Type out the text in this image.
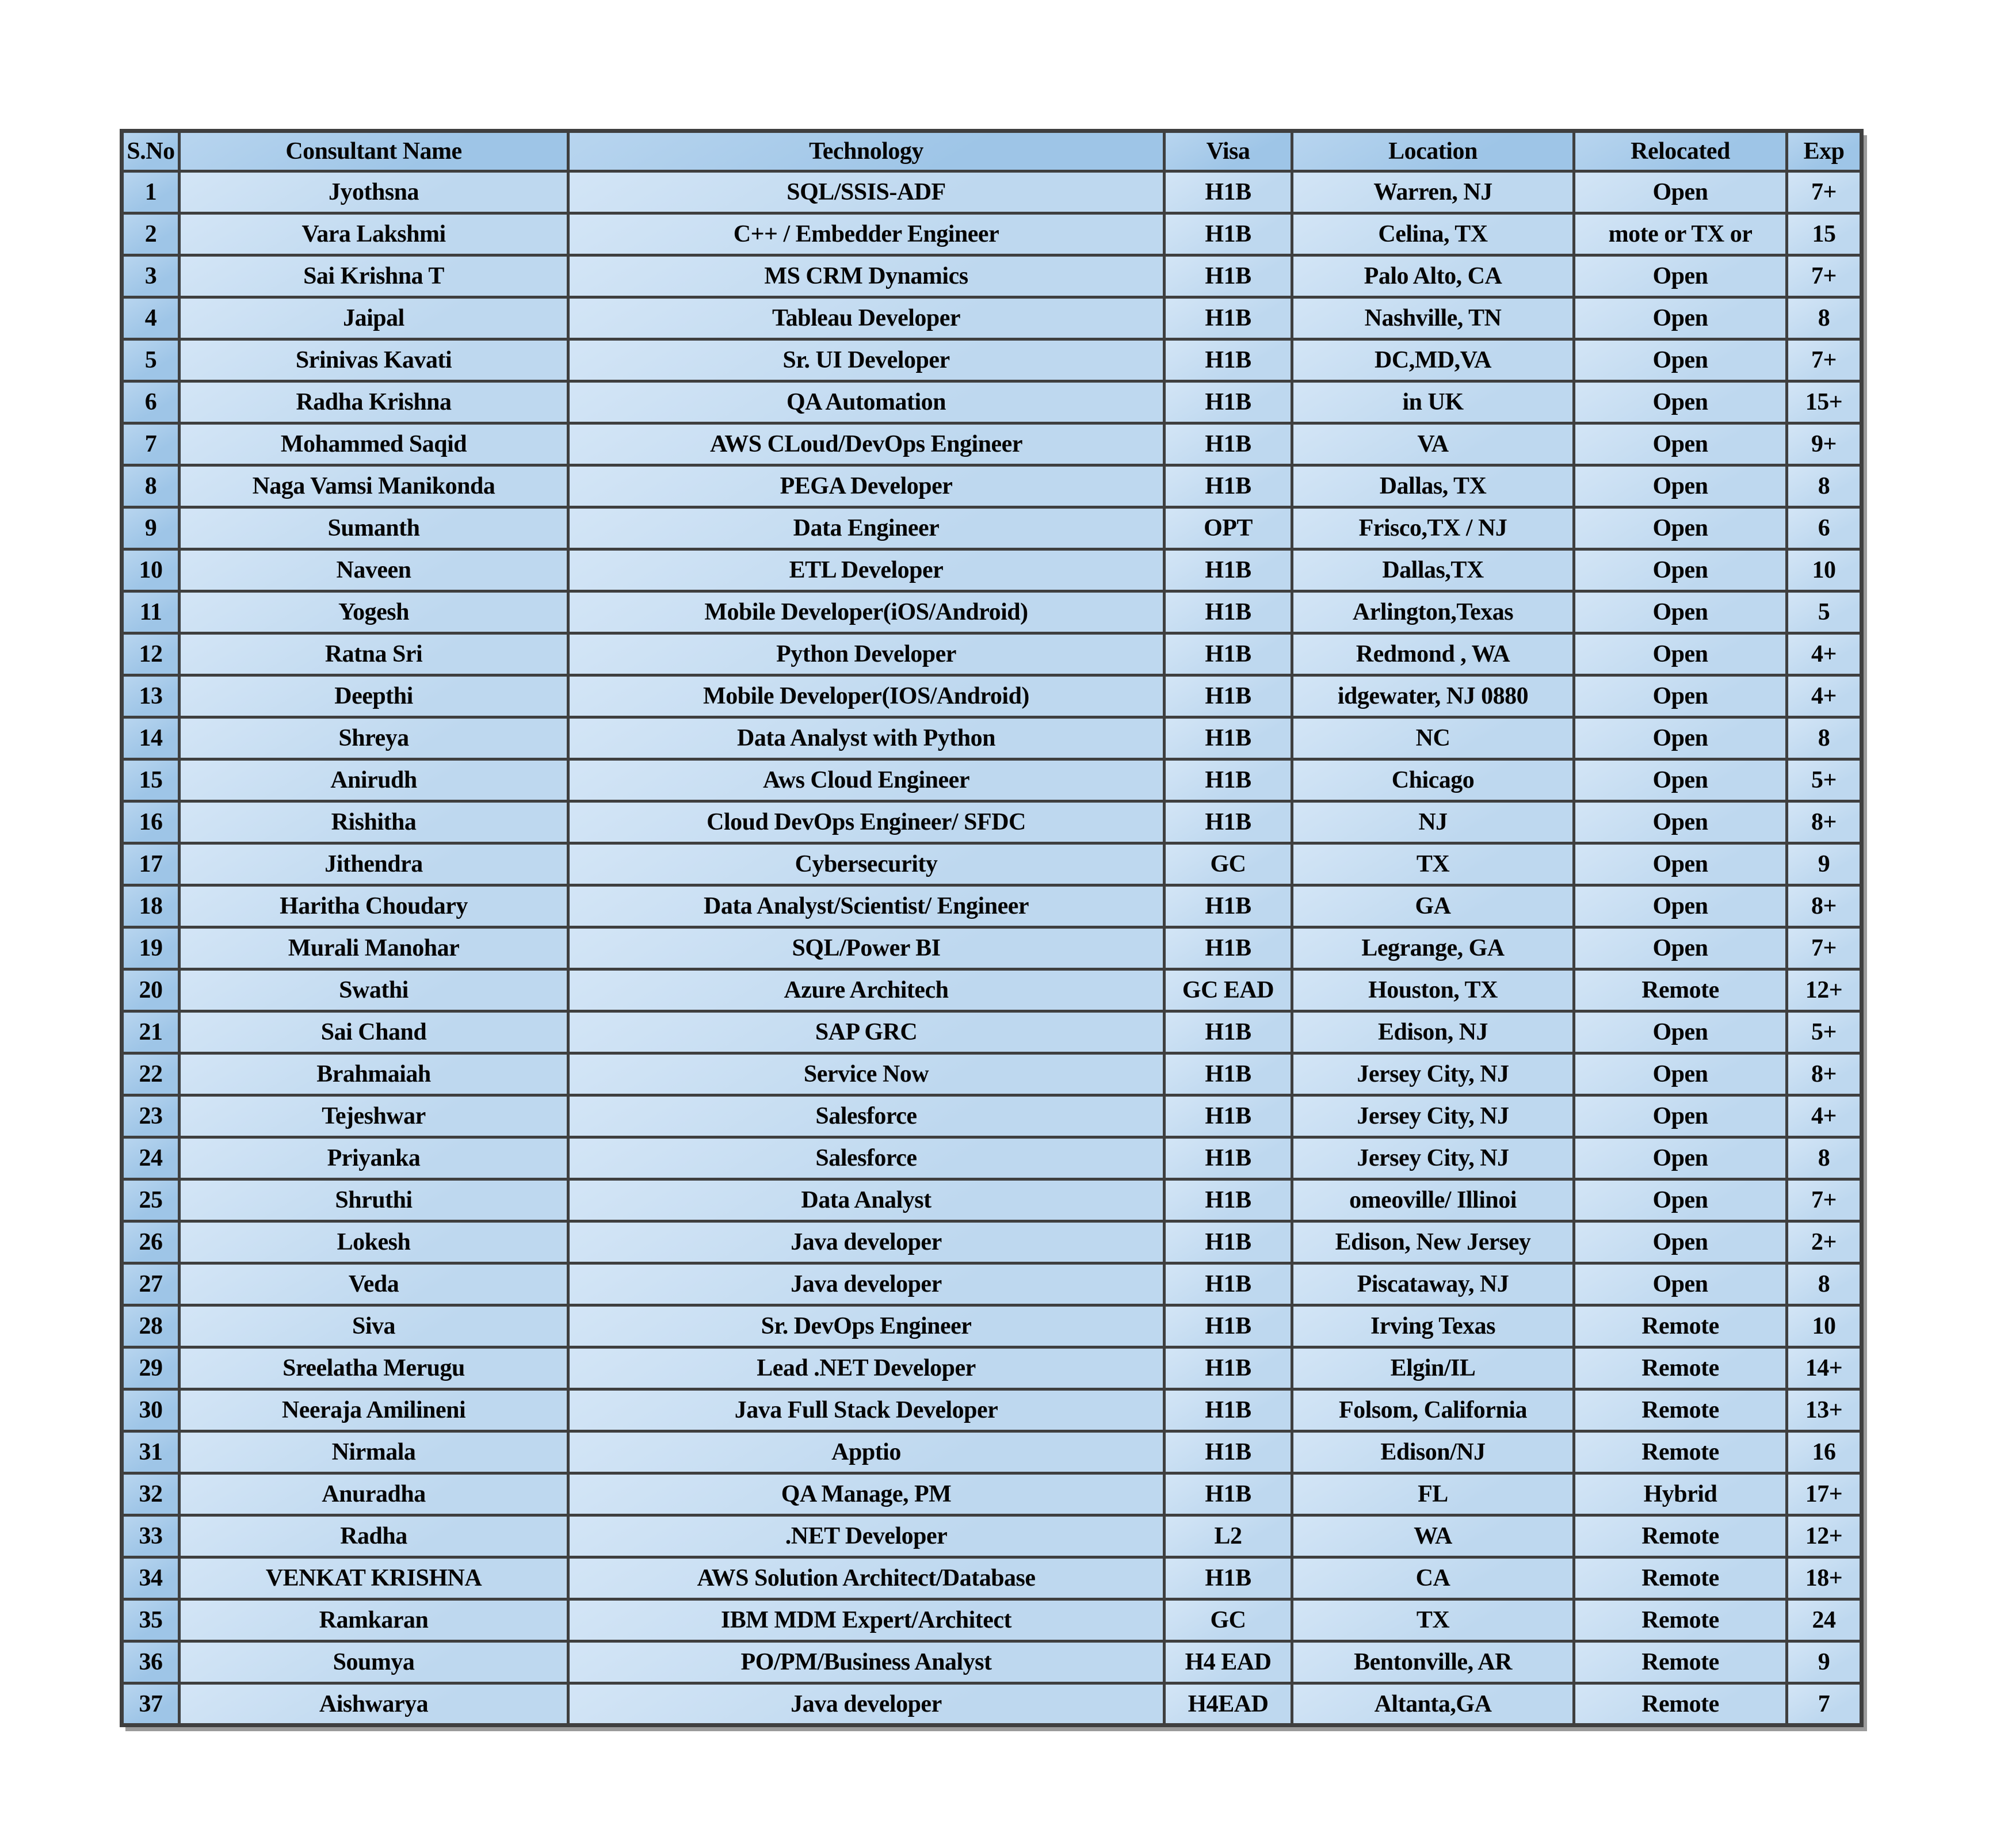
S.No	Consultant Name	Technology	Visa	Location	Relocated	Exp
1	Jyothsna	SQL/SSIS-ADF	H1B	Warren, NJ	Open	7+
2	Vara Lakshmi	C++ / Embedder Engineer	H1B	Celina, TX	mote or TX or	15
3	Sai Krishna T	MS CRM Dynamics	H1B	Palo Alto, CA	Open	7+
4	Jaipal	Tableau Developer	H1B	Nashville, TN	Open	8
5	Srinivas Kavati	Sr. UI Developer	H1B	DC,MD,VA	Open	7+
6	Radha Krishna	QA Automation	H1B	in UK	Open	15+
7	Mohammed Saqid	AWS CLoud/DevOps Engineer	H1B	VA	Open	9+
8	Naga Vamsi Manikonda	PEGA Developer	H1B	Dallas, TX	Open	8
9	Sumanth	Data Engineer	OPT	Frisco,TX / NJ	Open	6
10	Naveen	ETL Developer	H1B	Dallas,TX	Open	10
11	Yogesh	Mobile Developer(iOS/Android)	H1B	Arlington,Texas	Open	5
12	Ratna Sri	Python Developer	H1B	Redmond , WA	Open	4+
13	Deepthi	Mobile Developer(IOS/Android)	H1B	idgewater, NJ 0880	Open	4+
14	Shreya	Data Analyst with Python	H1B	NC	Open	8
15	Anirudh	Aws Cloud Engineer	H1B	Chicago	Open	5+
16	Rishitha	Cloud DevOps Engineer/ SFDC	H1B	NJ	Open	8+
17	Jithendra	Cybersecurity	GC	TX	Open	9
18	Haritha Choudary	Data Analyst/Scientist/ Engineer	H1B	GA	Open	8+
19	Murali Manohar	SQL/Power BI	H1B	Legrange, GA	Open	7+
20	Swathi	Azure Architech	GC EAD	Houston, TX	Remote	12+
21	Sai Chand	SAP GRC	H1B	Edison, NJ	Open	5+
22	Brahmaiah	Service Now	H1B	Jersey City, NJ	Open	8+
23	Tejeshwar	Salesforce	H1B	Jersey City, NJ	Open	4+
24	Priyanka	Salesforce	H1B	Jersey City, NJ	Open	8
25	Shruthi	Data Analyst	H1B	omeoville/ Illinoi	Open	7+
26	Lokesh	Java developer	H1B	Edison, New Jersey	Open	2+
27	Veda	Java developer	H1B	Piscataway, NJ	Open	8
28	Siva	Sr. DevOps Engineer	H1B	Irving Texas	Remote	10
29	Sreelatha Merugu	Lead .NET Developer	H1B	Elgin/IL	Remote	14+
30	Neeraja Amilineni	Java Full Stack Developer	H1B	Folsom, California	Remote	13+
31	Nirmala	Apptio	H1B	Edison/NJ	Remote	16
32	Anuradha	QA Manage, PM	H1B	FL	Hybrid	17+
33	Radha	.NET Developer	L2	WA	Remote	12+
34	VENKAT KRISHNA	AWS Solution Architect/Database	H1B	CA	Remote	18+
35	Ramkaran	IBM MDM Expert/Architect	GC	TX	Remote	24
36	Soumya	PO/PM/Business Analyst	H4 EAD	Bentonville, AR	Remote	9
37	Aishwarya	Java developer	H4EAD	Altanta,GA	Remote	7
